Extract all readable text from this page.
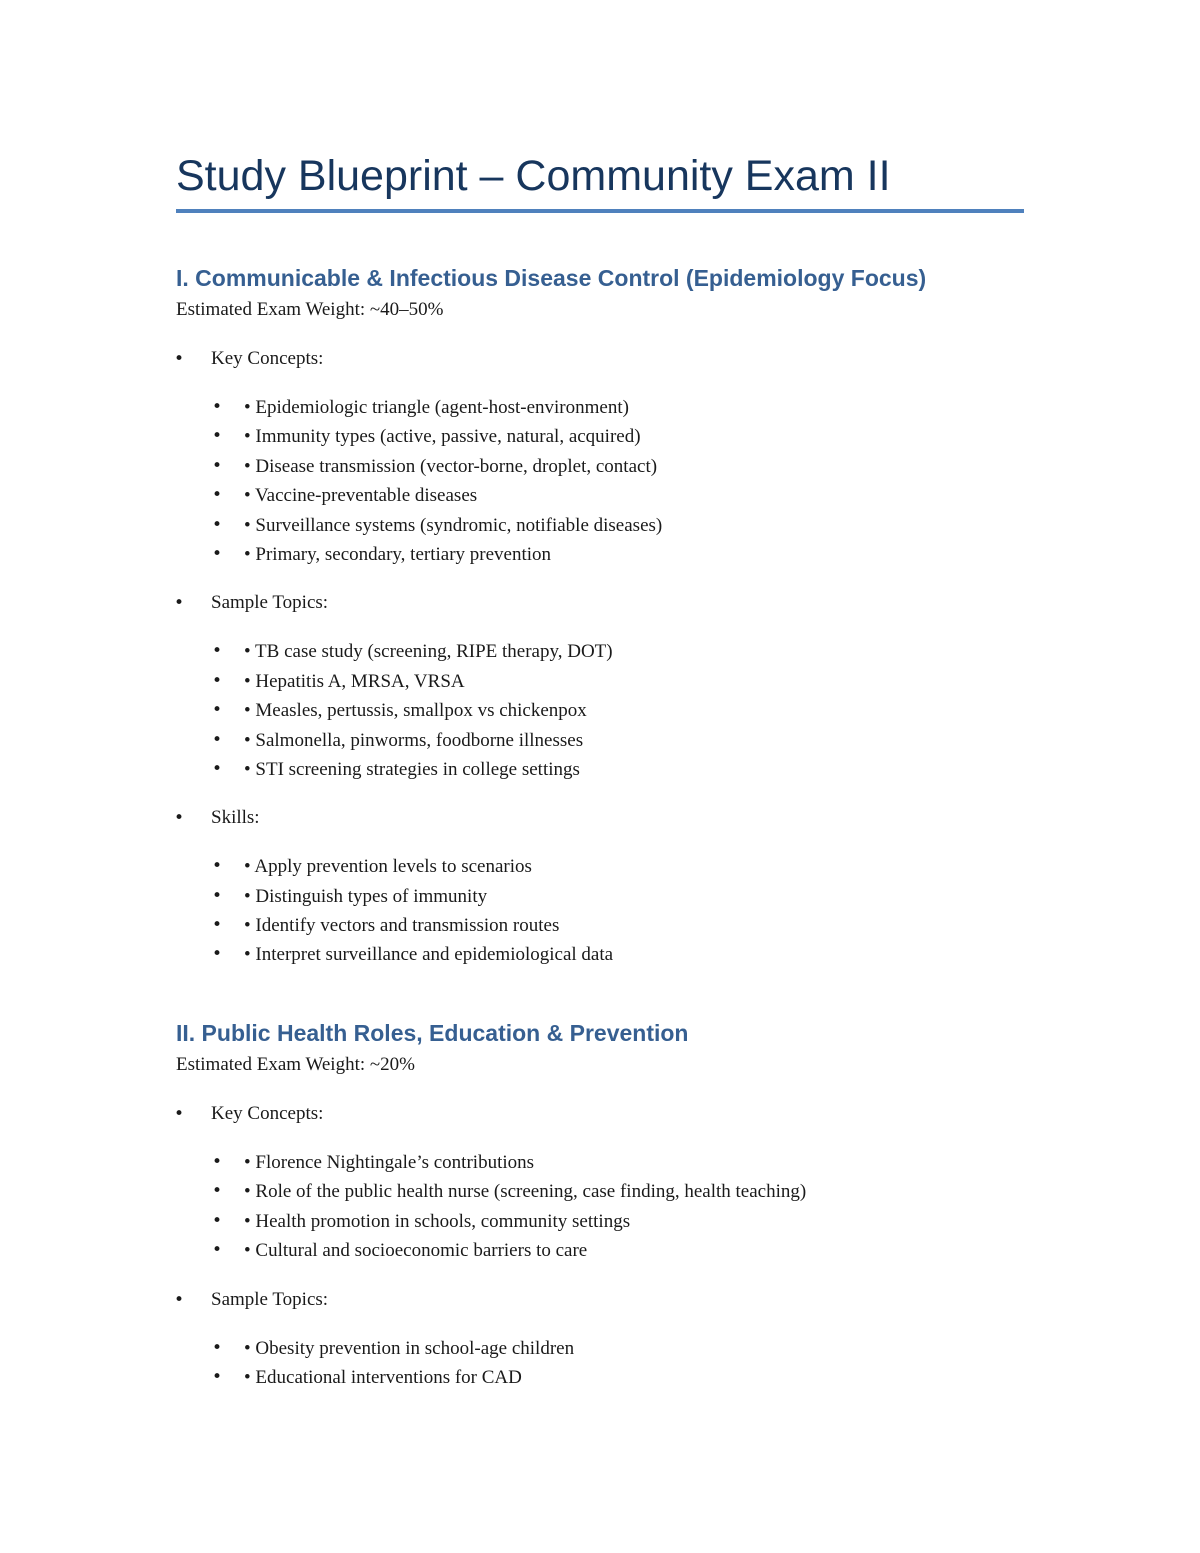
Study Blueprint – Community Exam II
I. Communicable & Infectious Disease Control (Epidemiology Focus)
Estimated Exam Weight: ~40–50%
• Key Concepts:
• • Epidemiologic triangle (agent-host-environment)
• • Immunity types (active, passive, natural, acquired)
• • Disease transmission (vector-borne, droplet, contact)
• • Vaccine-preventable diseases
• • Surveillance systems (syndromic, notifiable diseases)
• • Primary, secondary, tertiary prevention
• Sample Topics:
• • TB case study (screening, RIPE therapy, DOT)
• • Hepatitis A, MRSA, VRSA
• • Measles, pertussis, smallpox vs chickenpox
• • Salmonella, pinworms, foodborne illnesses
• • STI screening strategies in college settings
• Skills:
• • Apply prevention levels to scenarios
• • Distinguish types of immunity
• • Identify vectors and transmission routes
• • Interpret surveillance and epidemiological data
II. Public Health Roles, Education & Prevention
Estimated Exam Weight: ~20%
• Key Concepts:
• • Florence Nightingale’s contributions
• • Role of the public health nurse (screening, case finding, health teaching)
• • Health promotion in schools, community settings
• • Cultural and socioeconomic barriers to care
• Sample Topics:
• • Obesity prevention in school-age children
• • Educational interventions for CAD
